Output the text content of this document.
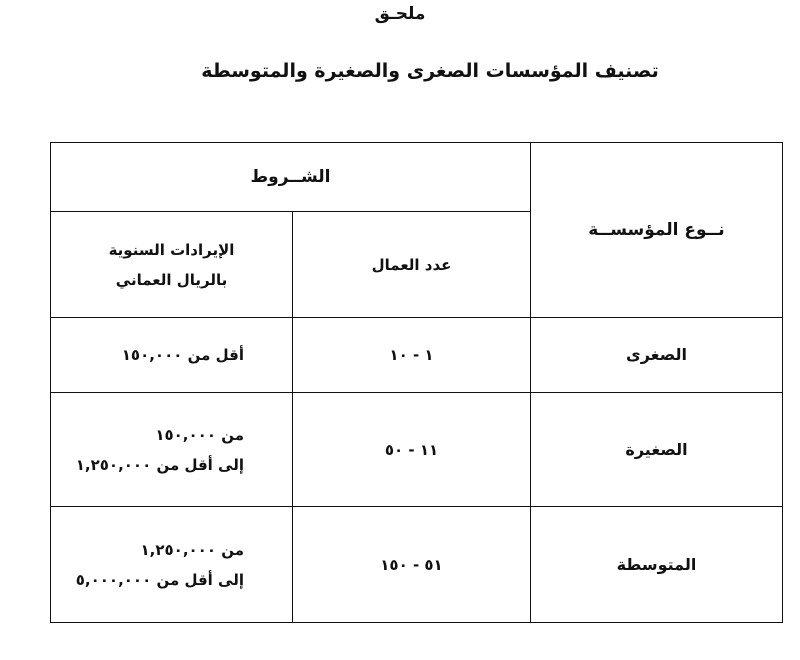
ملحـق
تصنيف المؤسسات الصغرى والصغيرة والمتوسطة
نــوع المؤسســة	الشــروط	
	عدد العمال	الإيرادات السنوية
بالريال العماني

الصغرى	١ - ١٠	أقل من ١٥٠,٠٠٠

الصغيرة	١١ - ٥٠	من ١٥٠,٠٠٠
إلى أقل من ١,٢٥٠,٠٠٠

المتوسطة	٥١ - ١٥٠	من ١,٢٥٠,٠٠٠
إلى أقل من ٥,٠٠٠,٠٠٠
